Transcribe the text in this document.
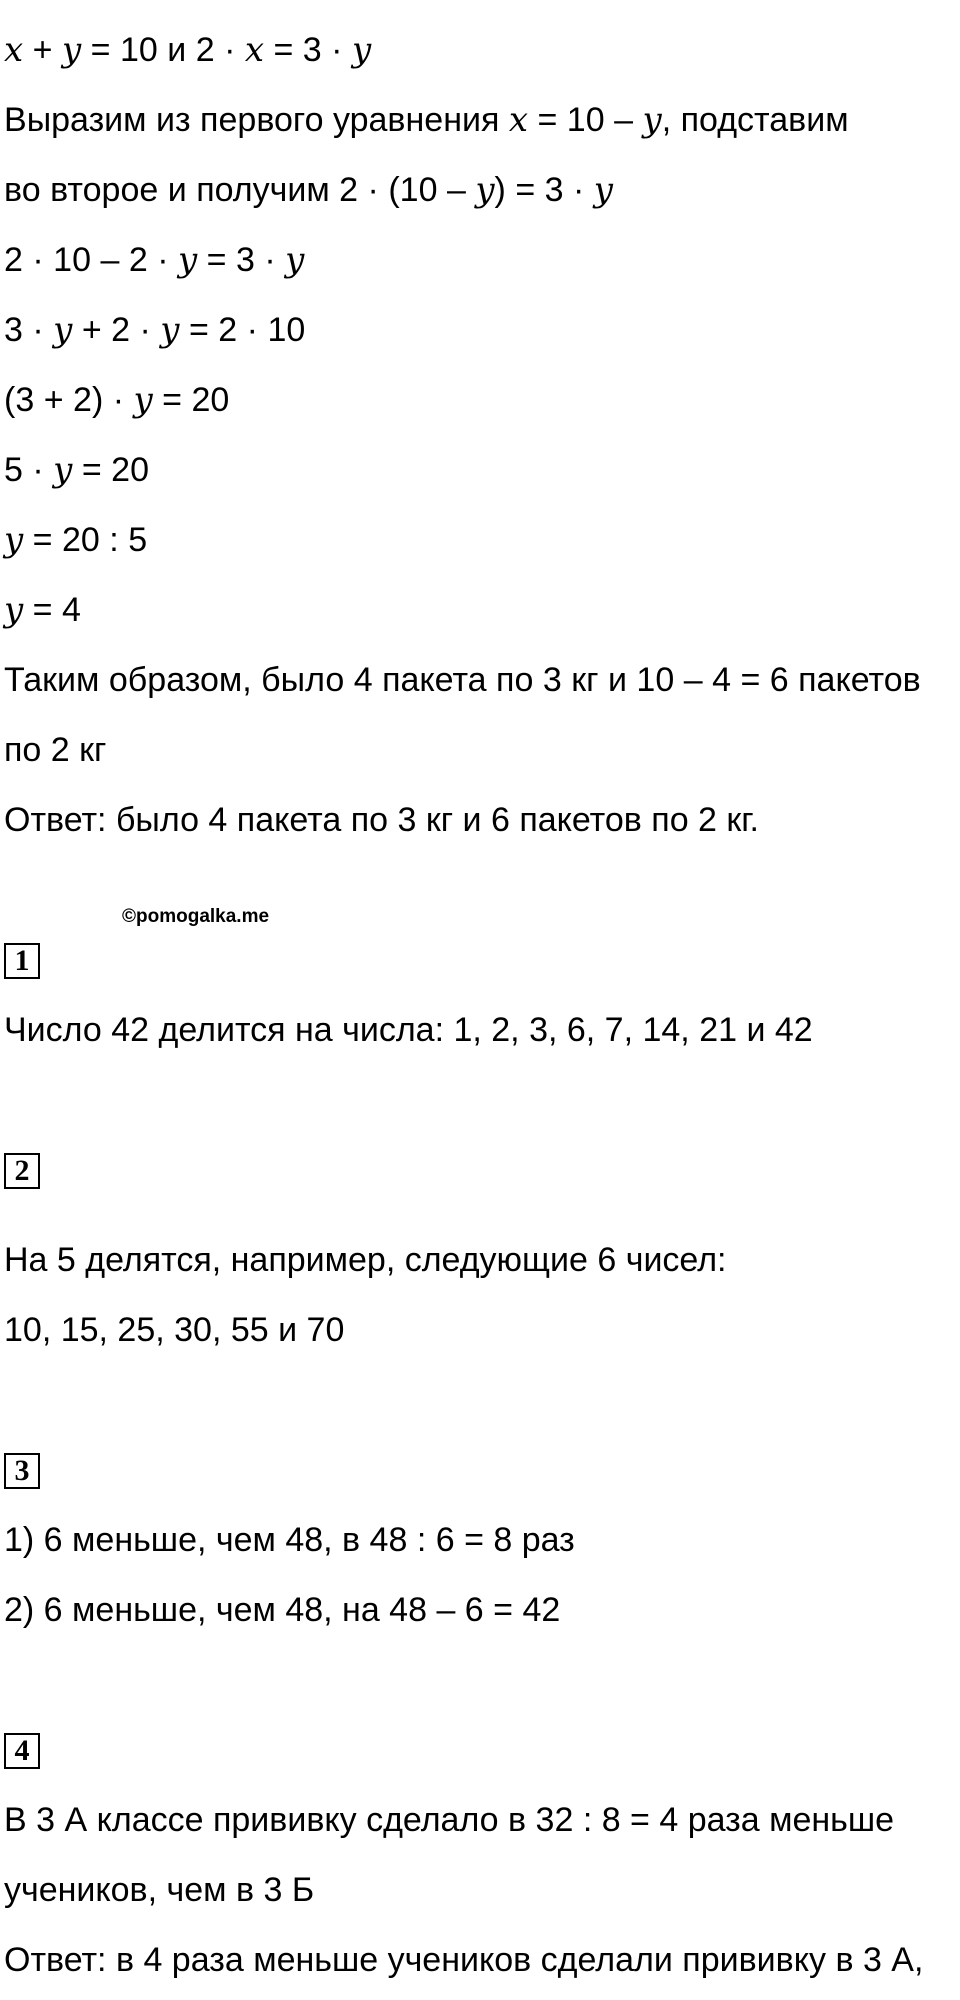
x + y = 10 и 2 · x = 3 · y
Выразим из первого уравнения x = 10 – y, подставим
во второе и получим 2 · (10 – y) = 3 · y
2 · 10 – 2 · y = 3 · y
3 · y + 2 · y = 2 · 10
(3 + 2) · y = 20
5 · y = 20
y = 20 : 5
y = 4
Таким образом, было 4 пакета по 3 кг и 10 – 4 = 6 пакетов
по 2 кг
Ответ: было 4 пакета по 3 кг и 6 пакетов по 2 кг.
©pomogalka.me
1
Число 42 делится на числа: 1, 2, 3, 6, 7, 14, 21 и 42
2
На 5 делятся, например, следующие 6 чисел:
10, 15, 25, 30, 55 и 70
3
1) 6 меньше, чем 48, в 48 : 6 = 8 раз
2) 6 меньше, чем 48, на 48 – 6 = 42
4
В 3 А классе прививку сделало в 32 : 8 = 4 раза меньше
учеников, чем в 3 Б
Ответ: в 4 раза меньше учеников сделали прививку в 3 А,
